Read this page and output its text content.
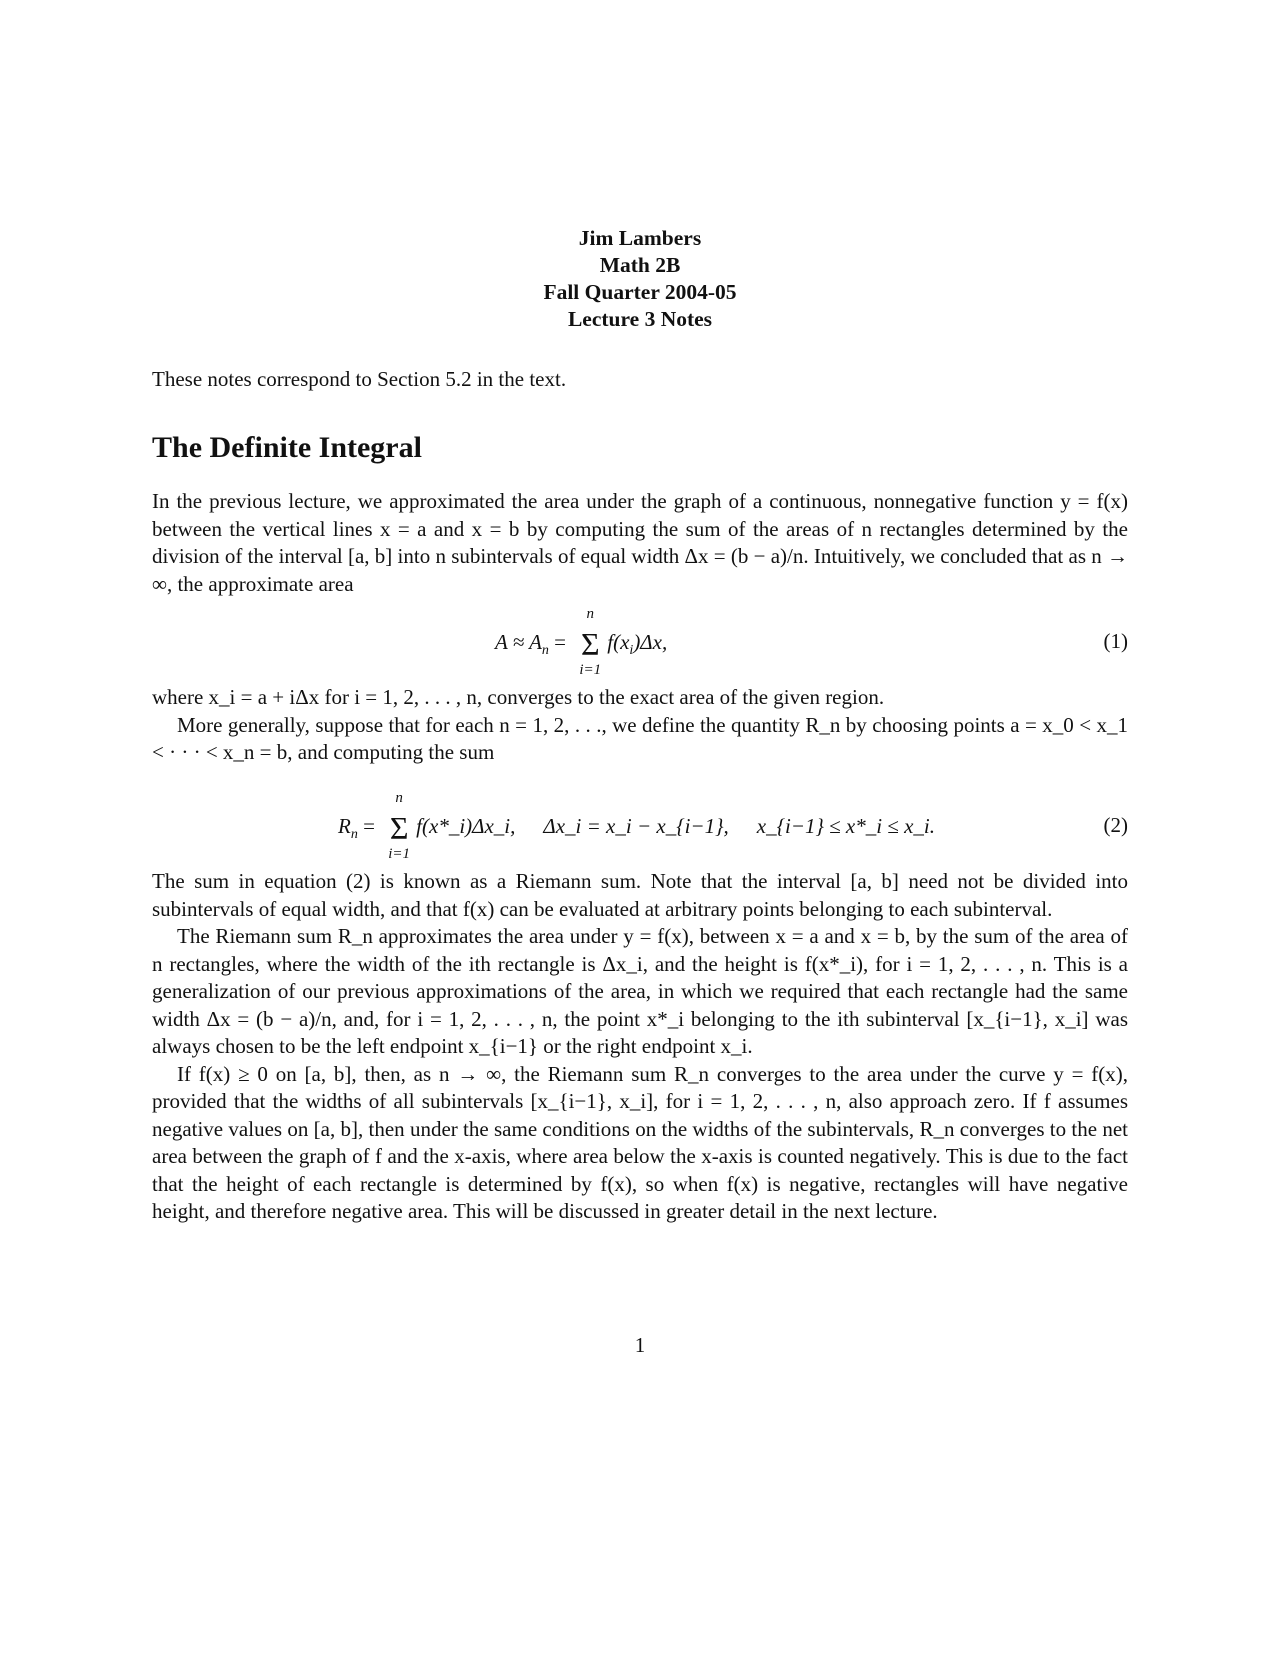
Jim Lambers
Math 2B
Fall Quarter 2004-05
Lecture 3 Notes

These notes correspond to Section 5.2 in the text.

The Definite Integral

In the previous lecture, we approximated the area under the graph of a continuous, nonnegative function y = f(x) between the vertical lines x = a and x = b by computing the sum of the areas of n rectangles determined by the division of the interval [a, b] into n subintervals of equal width Δx = (b − a)/n. Intuitively, we concluded that as n → ∞, the approximate area

$A \approx A_n$ =
n
Σ
i=1
$f(x_i)\Delta x$,	(1)

where x_i = a + iΔx for i = 1, 2, . . . , n, converges to the exact area of the given region.

More generally, suppose that for each n = 1, 2, . . ., we define the quantity R_n by choosing points a = x_0 < x_1 < · · · < x_n = b, and computing the sum

$R_n$ =
n
Σ
i=1
f(x*_i)Δx_i, Δx_i = x_i − x_{i−1}, x_{i−1} ≤ x*_i ≤ x_i.	(2)

The sum in equation (2) is known as a Riemann sum. Note that the interval [a, b] need not be divided into subintervals of equal width, and that f(x) can be evaluated at arbitrary points belonging to each subinterval.

The Riemann sum R_n approximates the area under y = f(x), between x = a and x = b, by the sum of the area of n rectangles, where the width of the ith rectangle is Δx_i, and the height is f(x*_i), for i = 1, 2, . . . , n. This is a generalization of our previous approximations of the area, in which we required that each rectangle had the same width Δx = (b − a)/n, and, for i = 1, 2, . . . , n, the point x*_i belonging to the ith subinterval [x_{i−1}, x_i] was always chosen to be the left endpoint x_{i−1} or the right endpoint x_i.

If f(x) ≥ 0 on [a, b], then, as n → ∞, the Riemann sum R_n converges to the area under the curve y = f(x), provided that the widths of all subintervals [x_{i−1}, x_i], for i = 1, 2, . . . , n, also approach zero. If f assumes negative values on [a, b], then under the same conditions on the widths of the subintervals, R_n converges to the net area between the graph of f and the x-axis, where area below the x-axis is counted negatively. This is due to the fact that the height of each rectangle is determined by f(x), so when f(x) is negative, rectangles will have negative height, and therefore negative area. This will be discussed in greater detail in the next lecture.

1
